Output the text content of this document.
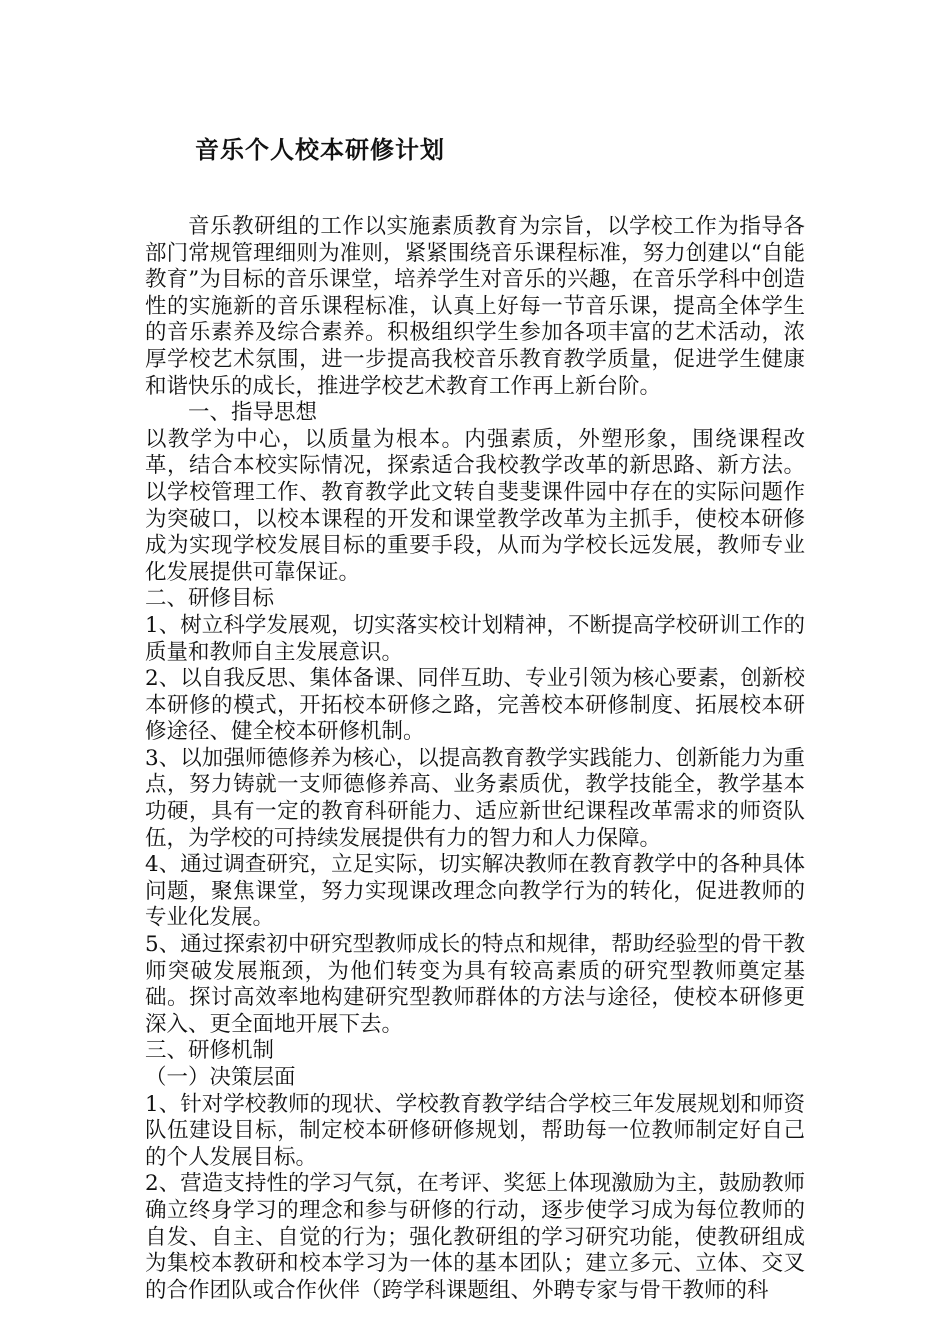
音乐个人校本研修计划

音乐教研组的工作以实施素质教育为宗旨，以学校工作为指导各部门常规管理细则为准则，紧紧围绕音乐课程标准，努力创建以“自能教育”为目标的音乐课堂，培养学生对音乐的兴趣，在音乐学科中创造性的实施新的音乐课程标准，认真上好每一节音乐课，提高全体学生的音乐素养及综合素养。积极组织学生参加各项丰富的艺术活动，浓厚学校艺术氛围，进一步提高我校音乐教育教学质量，促进学生健康和谐快乐的成长，推进学校艺术教育工作再上新台阶。

一、指导思想

以教学为中心，以质量为根本。内强素质，外塑形象，围绕课程改革，结合本校实际情况，探索适合我校教学改革的新思路、新方法。以学校管理工作、教育教学此文转自斐斐课件园中存在的实际问题作为突破口，以校本课程的开发和课堂教学改革为主抓手，使校本研修成为实现学校发展目标的重要手段，从而为学校长远发展，教师专业化发展提供可靠保证。

二、研修目标

1、树立科学发展观，切实落实校计划精神，不断提高学校研训工作的质量和教师自主发展意识。

2、以自我反思、集体备课、同伴互助、专业引领为核心要素，创新校本研修的模式，开拓校本研修之路，完善校本研修制度、拓展校本研修途径、健全校本研修机制。

3、以加强师德修养为核心，以提高教育教学实践能力、创新能力为重点，努力铸就一支师德修养高、业务素质优，教学技能全，教学基本功硬，具有一定的教育科研能力、适应新世纪课程改革需求的师资队伍，为学校的可持续发展提供有力的智力和人力保障。

4、通过调查研究，立足实际，切实解决教师在教育教学中的各种具体问题，聚焦课堂，努力实现课改理念向教学行为的转化，促进教师的专业化发展。

5、通过探索初中研究型教师成长的特点和规律，帮助经验型的骨干教师突破发展瓶颈，为他们转变为具有较高素质的研究型教师奠定基础。探讨高效率地构建研究型教师群体的方法与途径，使校本研修更深入、更全面地开展下去。

三、研修机制

（一）决策层面

1、针对学校教师的现状、学校教育教学结合学校三年发展规划和师资队伍建设目标，制定校本研修研修规划，帮助每一位教师制定好自己的个人发展目标。

2、营造支持性的学习气氛，在考评、奖惩上体现激励为主，鼓励教师确立终身学习的理念和参与研修的行动，逐步使学习成为每位教师的自发、自主、自觉的行为；强化教研组的学习研究功能，使教研组成为集校本教研和校本学习为一体的基本团队；建立多元、立体、交叉的合作团队或合作伙伴（跨学科课题组、外聘专家与骨干教师的科
